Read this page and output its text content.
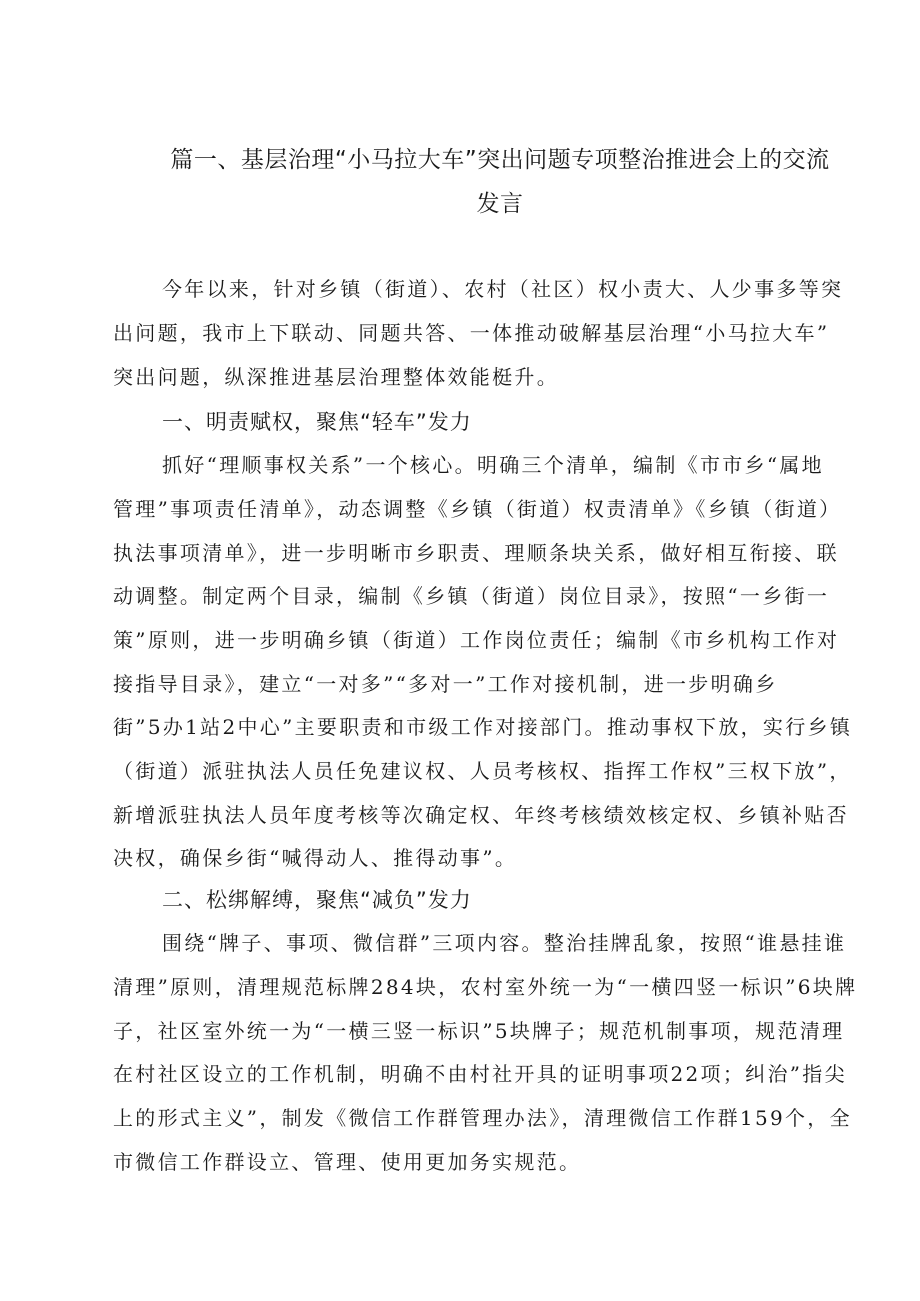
篇一、基层治理“小马拉大车”突出问题专项整治推进会上的交流
发言
今年以来，针对乡镇（街道）、农村（社区）权小责大、人少事多等突
出问题，我市上下联动、同题共答、一体推动破解基层治理“小马拉大车”
突出问题，纵深推进基层治理整体效能梃升。
一、明责赋权，聚焦“轻车”发力
抓好“理顺事权关系”一个核心。明确三个清单，编制《市市乡“属地
管理”事项责任清单》，动态调整《乡镇（街道）权责清单》《乡镇（街道）
执法事项清单》，进一步明晰市乡职责、理顺条块关系，做好相互衔接、联
动调整。制定两个目录，编制《乡镇（街道）岗位目录》，按照“一乡街一
策”原则，进一步明确乡镇（街道）工作岗位责任；编制《市乡机构工作对
接指导目录》，建立“一对多”“多对一”工作对接机制，进一步明确乡
街”5办1站2中心”主要职责和市级工作对接部门。推动事权下放，实行乡镇
（街道）派驻执法人员任免建议权、人员考核权、指挥工作权”三权下放”，
新增派驻执法人员年度考核等次确定权、年终考核绩效核定权、乡镇补贴否
决权，确保乡街“喊得动人、推得动事”。
二、松绑解缚，聚焦“减负”发力
围绕“牌子、事项、微信群”三项内容。整治挂牌乱象，按照“谁悬挂谁
清理”原则，清理规范标牌284块，农村室外统一为“一横四竖一标识”6块牌
子，社区室外统一为“一横三竖一标识”5块牌子；规范机制事项，规范清理
在村社区设立的工作机制，明确不由村社开具的证明事项22项；纠治”指尖
上的形式主义”，制发《微信工作群管理办法》，清理微信工作群159个，全
市微信工作群设立、管理、使用更加务实规范。
